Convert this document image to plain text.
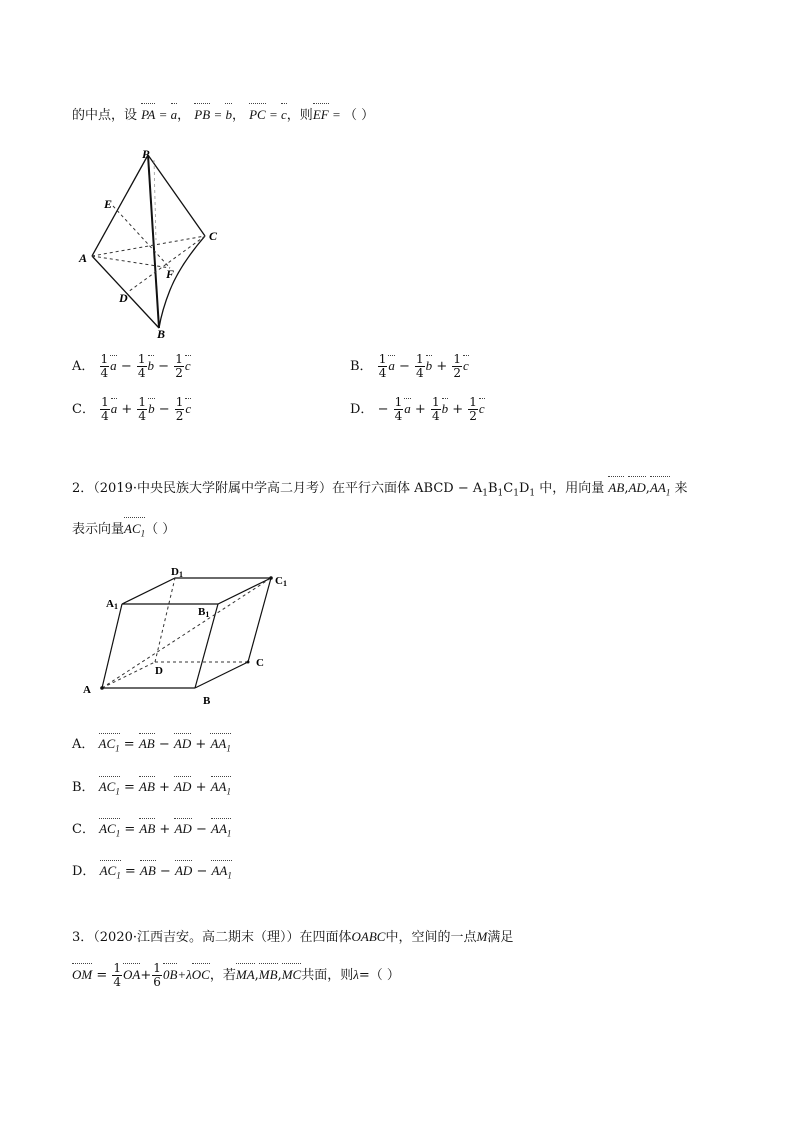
的中点，设 PA = a， PB = b， PC = c，则EF = （ ）
P
E
C
A
F
D
B
A． $\frac{1}{4}$ $a - \frac{1}{4}$ $b - \frac{1}{2}$ c	B． $\frac{1}{4}$ $a - \frac{1}{4}$ $b + \frac{1}{2}$ c
C． $\frac{1}{4}$ $a + \frac{1}{4}$ $b - \frac{1}{2}$ c	D． − $\frac{1}{4}$ $a + \frac{1}{4}$ $b + \frac{1}{2}$ c
2．（2019·中央民族大学附属中学高二月考）在平行六面体 ABCD − $A_1B_1C_1D_1$ 中，用向量 $AB,AD,AA_1$ 来
表示向量$AC_1$（ ）
D1
C1
A1	B1
D
C
A
B
A． $AC_1$ = AB − AD + $AA_1$
B． $AC_1$ = AB + AD + $AA_1$
C． $AC_1$ = AB + AD − $AA_1$
D． $AC_1$ = AB − AD − $AA_1$
3．（2020·江西吉安。高二期末（理））在四面体OABC中，空间的一点M满足
OM = $\frac{1}{4} OA+ \frac{1}{6} 0B+\lambda OC$，若MA,MB,MC共面，则λ=（ ）
